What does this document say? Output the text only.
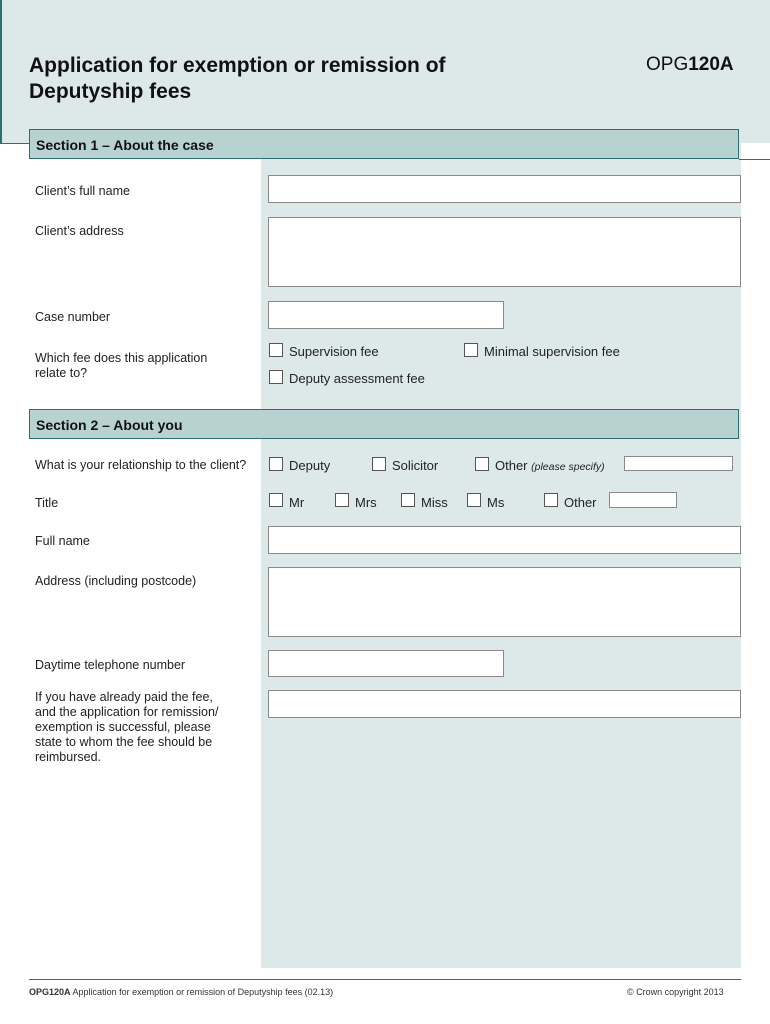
Application for exemption or remission of
Deputyship fees
OPG120A
Section 1 – About the case
Client’s full name
Client’s address
Case number
Which fee does this application
relate to?
Supervision fee	Minimal supervision fee
Deputy assessment fee
Section 2 – About you
What is your relationship to the client?	Deputy	Solicitor	Other (please specify)
Title	Mr	Mrs	Miss	Ms	Other
Full name
Address (including postcode)
Daytime telephone number
If you have already paid the fee,
and the application for remission/
exemption is successful, please
state to whom the fee should be
reimbursed.
OPG120A Application for exemption or remission of Deputyship fees (02.13)	© Crown copyright 2013
